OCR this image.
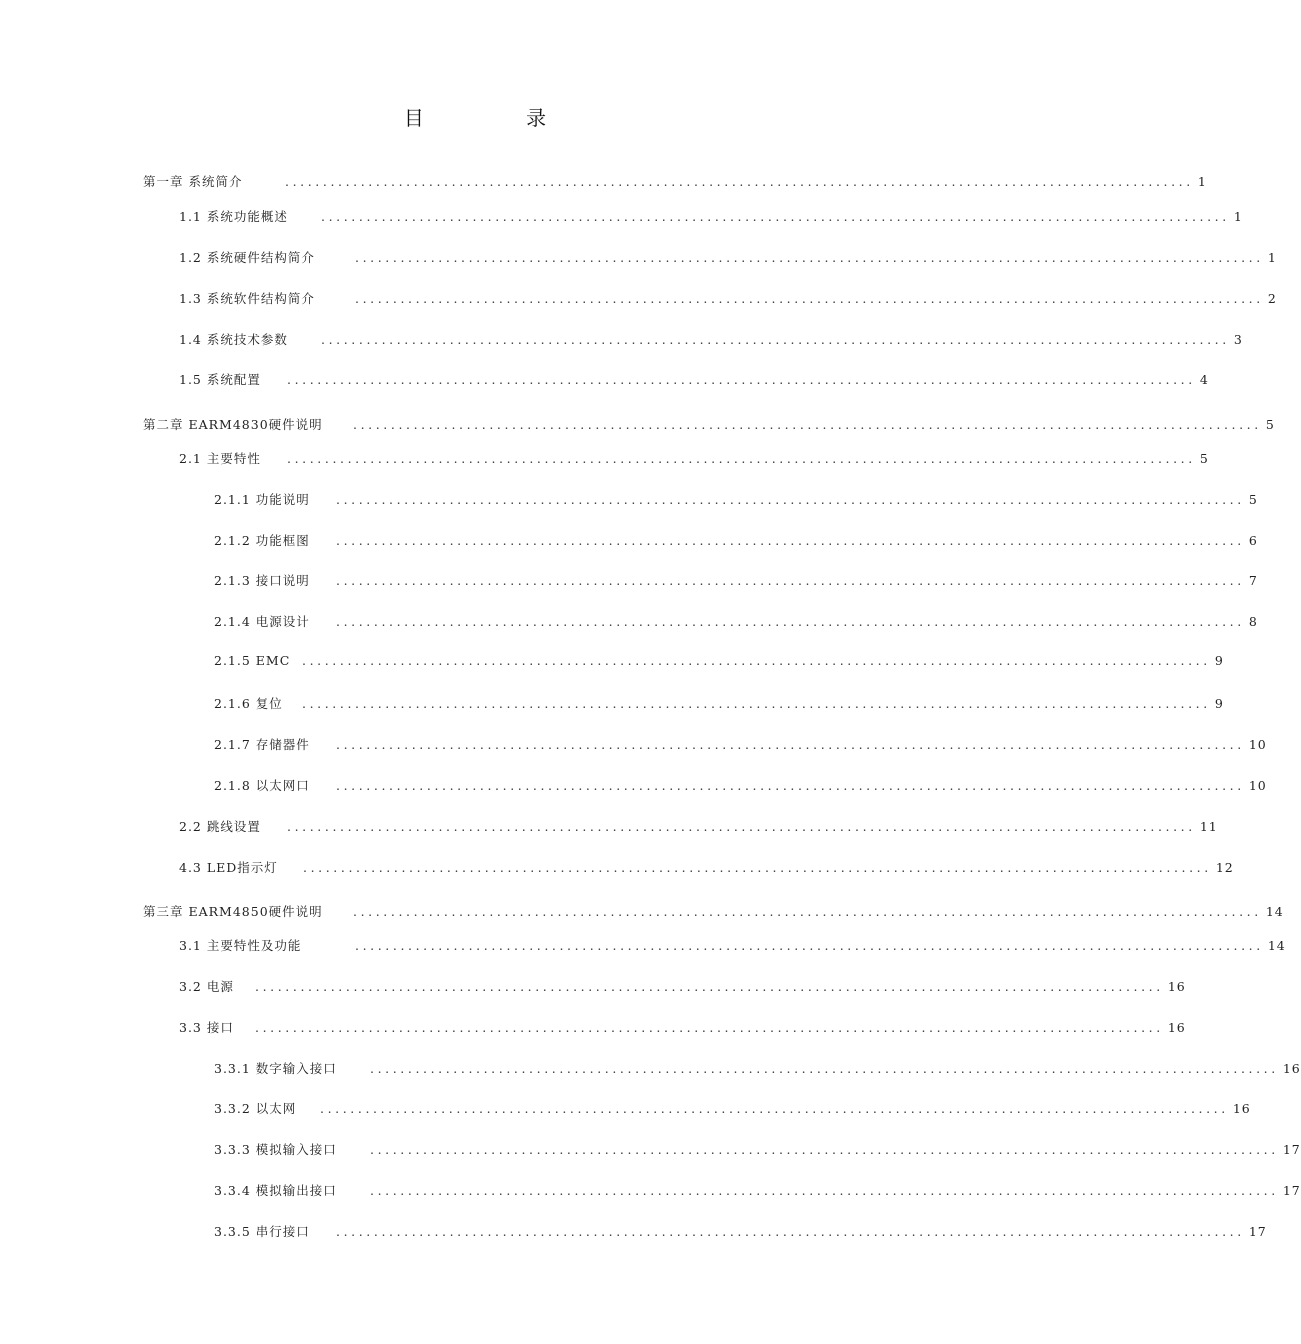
目 录
第一章 系统简介	........................................................................................................................ 1
1.1 系统功能概述	........................................................................................................................ 1
1.2 系统硬件结构简介	........................................................................................................................ 1
1.3 系统软件结构简介	........................................................................................................................ 2
1.4 系统技术参数	........................................................................................................................ 3
1.5 系统配置	........................................................................................................................ 4
第二章 EARM4830硬件说明	........................................................................................................................ 5
2.1 主要特性	........................................................................................................................ 5
2.1.1 功能说明	........................................................................................................................ 5
2.1.2 功能框图	........................................................................................................................ 6
2.1.3 接口说明	........................................................................................................................ 7
2.1.4 电源设计	........................................................................................................................ 8
2.1.5 EMC ........................................................................................................................ 9
2.1.6 复位	........................................................................................................................ 9
2.1.7 存储器件	........................................................................................................................ 10
2.1.8 以太网口	........................................................................................................................ 10
2.2 跳线设置	........................................................................................................................ 11
4.3 LED指示灯	........................................................................................................................ 12
第三章 EARM4850硬件说明	........................................................................................................................ 14
3.1 主要特性及功能	........................................................................................................................ 14
3.2 电源	........................................................................................................................ 16
3.3 接口	........................................................................................................................ 16
3.3.1 数字输入接口	........................................................................................................................ 16
3.3.2 以太网	........................................................................................................................ 16
3.3.3 模拟输入接口	........................................................................................................................ 17
3.3.4 模拟输出接口	........................................................................................................................ 17
3.3.5 串行接口	........................................................................................................................ 17
